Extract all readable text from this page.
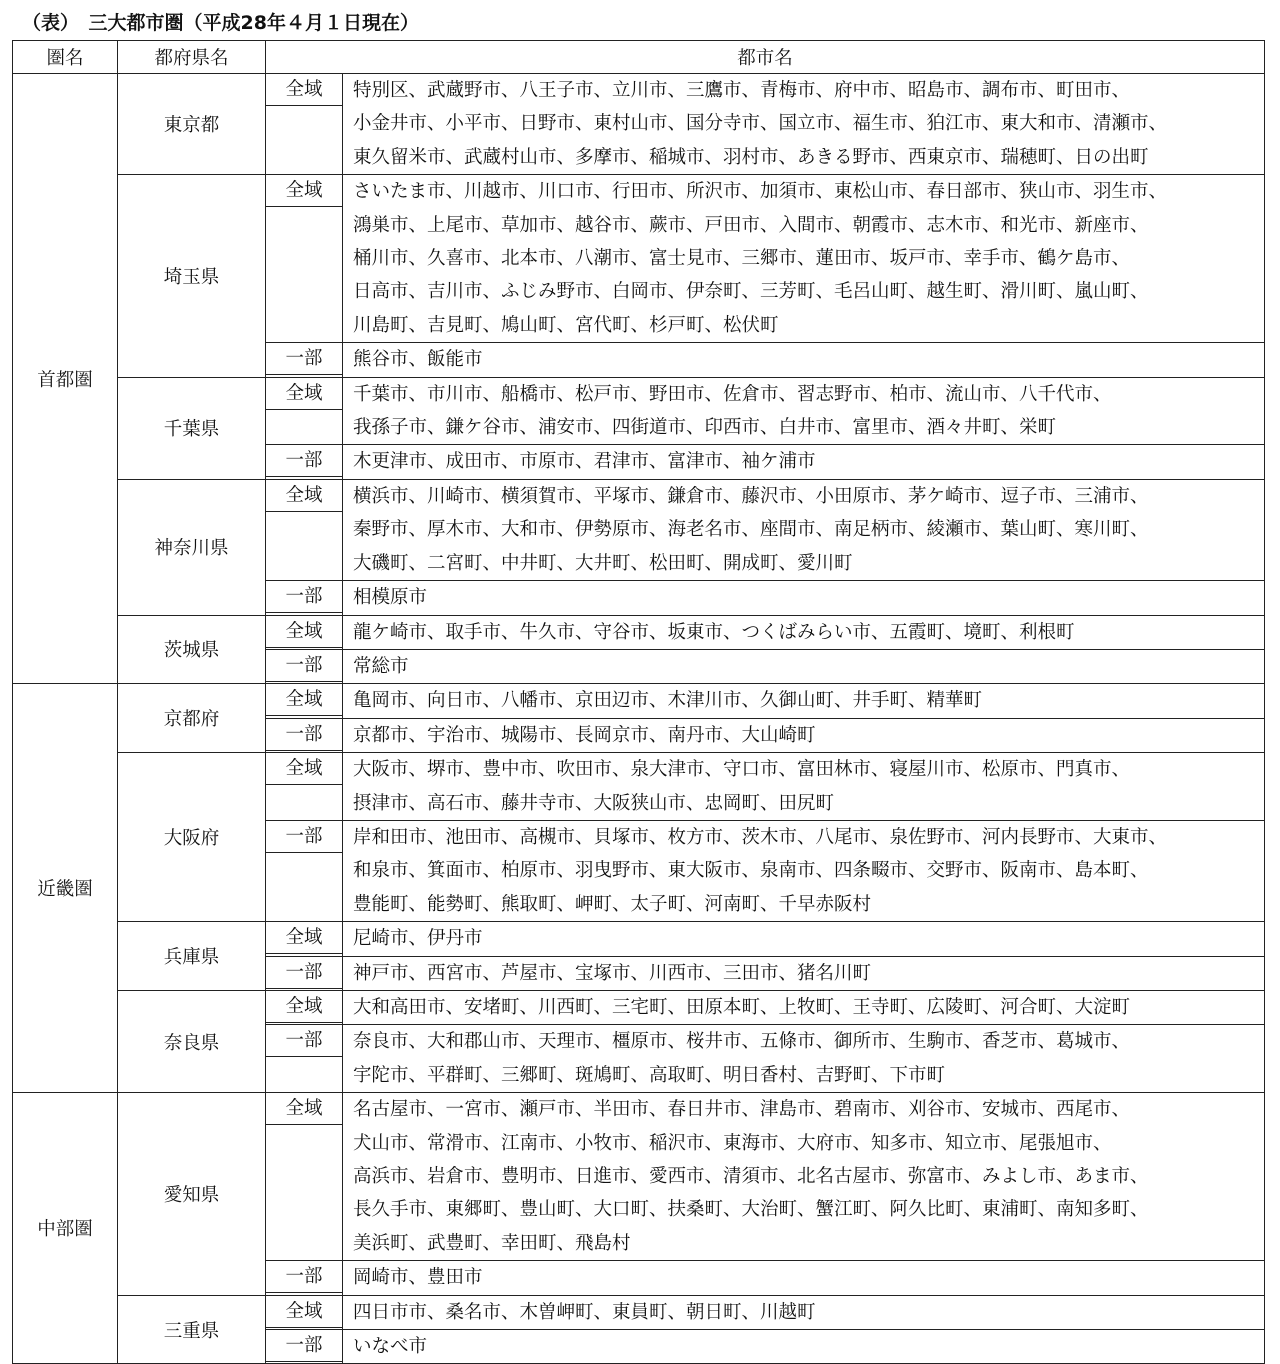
（表）　三大都市圏（平成28年４月１日現在）
圏名	都府県名	都市名	
首都圏	東京都	全域	特別区、武蔵野市、八王子市、立川市、三鷹市、青梅市、府中市、昭島市、調布市、町田市、
小金井市、小平市、日野市、東村山市、国分寺市、国立市、福生市、狛江市、東大和市、清瀬市、
東久留米市、武蔵村山市、多摩市、稲城市、羽村市、あきる野市、西東京市、瑞穂町、日の出町

	埼玉県	全域	さいたま市、川越市、川口市、行田市、所沢市、加須市、東松山市、春日部市、狭山市、羽生市、
鴻巣市、上尾市、草加市、越谷市、蕨市、戸田市、入間市、朝霞市、志木市、和光市、新座市、
桶川市、久喜市、北本市、八潮市、富士見市、三郷市、蓮田市、坂戸市、幸手市、鶴ケ島市、
日高市、吉川市、ふじみ野市、白岡市、伊奈町、三芳町、毛呂山町、越生町、滑川町、嵐山町、
川島町、吉見町、鳩山町、宮代町、杉戸町、松伏町

		一部	熊谷市、飯能市

	千葉県	全域	千葉市、市川市、船橋市、松戸市、野田市、佐倉市、習志野市、柏市、流山市、八千代市、
我孫子市、鎌ケ谷市、浦安市、四街道市、印西市、白井市、富里市、酒々井町、栄町

		一部	木更津市、成田市、市原市、君津市、富津市、袖ケ浦市

	神奈川県	全域	横浜市、川崎市、横須賀市、平塚市、鎌倉市、藤沢市、小田原市、茅ケ崎市、逗子市、三浦市、
秦野市、厚木市、大和市、伊勢原市、海老名市、座間市、南足柄市、綾瀬市、葉山町、寒川町、
大磯町、二宮町、中井町、大井町、松田町、開成町、愛川町

		一部	相模原市

	茨城県	全域	龍ケ崎市、取手市、牛久市、守谷市、坂東市、つくばみらい市、五霞町、境町、利根町

		一部	常総市

近畿圏	京都府	全域	亀岡市、向日市、八幡市、京田辺市、木津川市、久御山町、井手町、精華町

		一部	京都市、宇治市、城陽市、長岡京市、南丹市、大山崎町

	大阪府	全域	大阪市、堺市、豊中市、吹田市、泉大津市、守口市、富田林市、寝屋川市、松原市、門真市、
摂津市、高石市、藤井寺市、大阪狭山市、忠岡町、田尻町

		一部	岸和田市、池田市、高槻市、貝塚市、枚方市、茨木市、八尾市、泉佐野市、河内長野市、大東市、
和泉市、箕面市、柏原市、羽曳野市、東大阪市、泉南市、四条畷市、交野市、阪南市、島本町、
豊能町、能勢町、熊取町、岬町、太子町、河南町、千早赤阪村

	兵庫県	全域	尼崎市、伊丹市

		一部	神戸市、西宮市、芦屋市、宝塚市、川西市、三田市、猪名川町

	奈良県	全域	大和高田市、安堵町、川西町、三宅町、田原本町、上牧町、王寺町、広陵町、河合町、大淀町

		一部	奈良市、大和郡山市、天理市、橿原市、桜井市、五條市、御所市、生駒市、香芝市、葛城市、
宇陀市、平群町、三郷町、斑鳩町、高取町、明日香村、吉野町、下市町

中部圏	愛知県	全域	名古屋市、一宮市、瀬戸市、半田市、春日井市、津島市、碧南市、刈谷市、安城市、西尾市、
犬山市、常滑市、江南市、小牧市、稲沢市、東海市、大府市、知多市、知立市、尾張旭市、
高浜市、岩倉市、豊明市、日進市、愛西市、清須市、北名古屋市、弥富市、みよし市、あま市、
長久手市、東郷町、豊山町、大口町、扶桑町、大治町、蟹江町、阿久比町、東浦町、南知多町、
美浜町、武豊町、幸田町、飛島村

		一部	岡崎市、豊田市

	三重県	全域	四日市市、桑名市、木曽岬町、東員町、朝日町、川越町

		一部	いなべ市
